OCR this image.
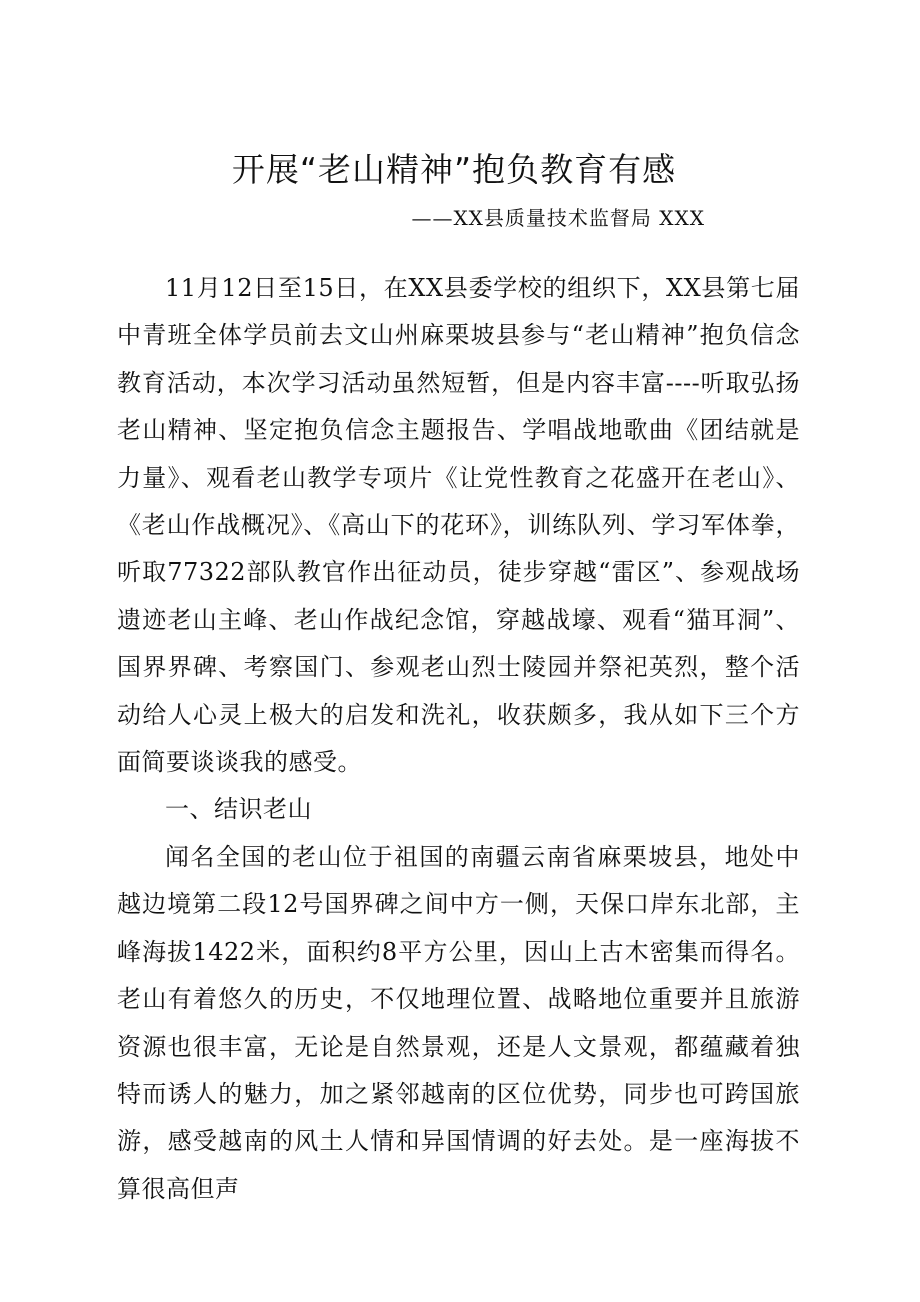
开展“老山精神”抱负教育有感
——XX县质量技术监督局 XXX

11月12日至15日，在XX县委学校的组织下，XX县第七届中青班全体学员前去文山州麻栗坡县参与“老山精神”抱负信念教育活动，本次学习活动虽然短暂，但是内容丰富----听取弘扬老山精神、坚定抱负信念主题报告、学唱战地歌曲《团结就是力量》、观看老山教学专项片《让党性教育之花盛开在老山》、《老山作战概况》、《高山下的花环》，训练队列、学习军体拳，听取77322部队教官作出征动员，徒步穿越“雷区”、参观战场遗迹老山主峰、老山作战纪念馆，穿越战壕、观看“猫耳洞”、国界界碑、考察国门、参观老山烈士陵园并祭祀英烈，整个活动给人心灵上极大的启发和洗礼，收获颇多，我从如下三个方面简要谈谈我的感受。

一、结识老山

闻名全国的老山位于祖国的南疆云南省麻栗坡县，地处中越边境第二段12号国界碑之间中方一侧，天保口岸东北部，主峰海拔1422米，面积约8平方公里，因山上古木密集而得名。老山有着悠久的历史，不仅地理位置、战略地位重要并且旅游资源也很丰富，无论是自然景观，还是人文景观，都蕴藏着独特而诱人的魅力，加之紧邻越南的区位优势，同步也可跨国旅游，感受越南的风土人情和异国情调的好去处。是一座海拔不算很高但声
